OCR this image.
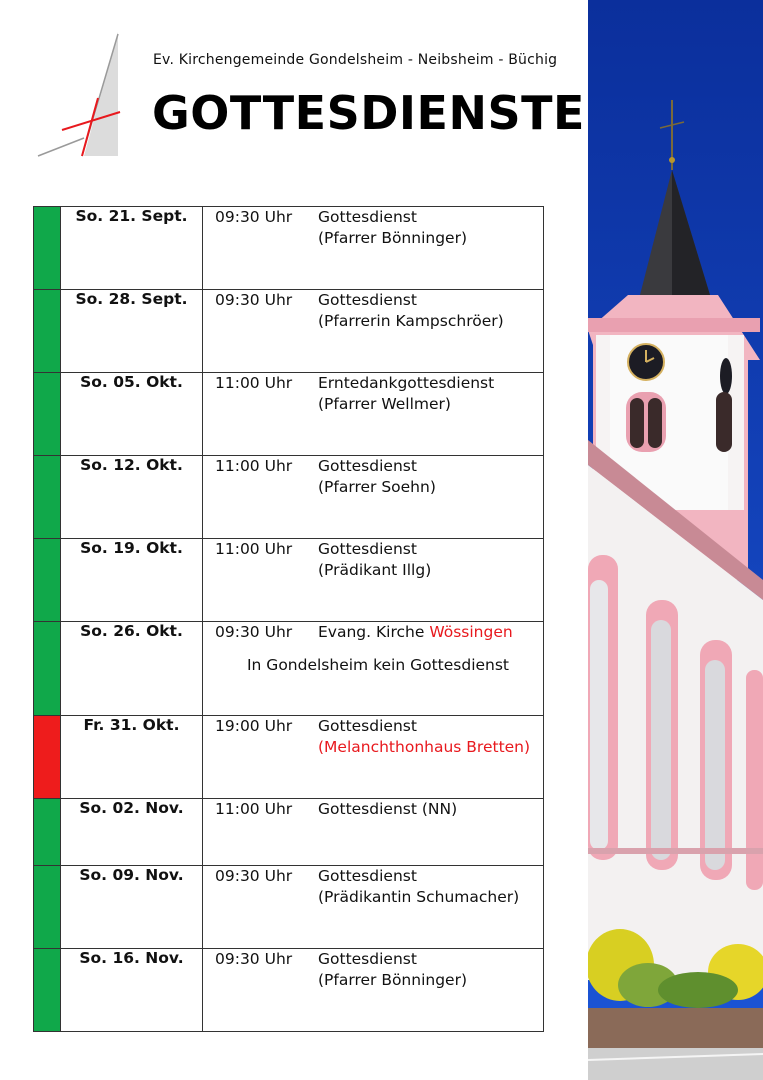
Ev. Kirchengemeinde Gondelsheim - Neibsheim - Büchig
GOTTESDIENSTE
	So. 21. Sept.	09:30 Uhr Gottesdienst
(Pfarrer Bönninger)

	So. 28. Sept.	09:30 Uhr Gottesdienst
(Pfarrerin Kampschröer)

	So. 05. Okt.	11:00 Uhr Erntedankgottesdienst
(Pfarrer Wellmer)

	So. 12. Okt.	11:00 Uhr Gottesdienst
(Pfarrer Soehn)

	So. 19. Okt.	11:00 Uhr Gottesdienst
(Prädikant Illg)

	So. 26. Okt.	09:30 Uhr Evang. Kirche Wössingen
In Gondelsheim kein Gottesdienst

	Fr. 31. Okt.	19:00 Uhr Gottesdienst
(Melanchthonhaus Bretten)

	So. 02. Nov.	11:00 Uhr Gottesdienst (NN)

	So. 09. Nov.	09:30 Uhr Gottesdienst
(Prädikantin Schumacher)

	So. 16. Nov.	09:30 Uhr Gottesdienst
(Pfarrer Bönninger)
